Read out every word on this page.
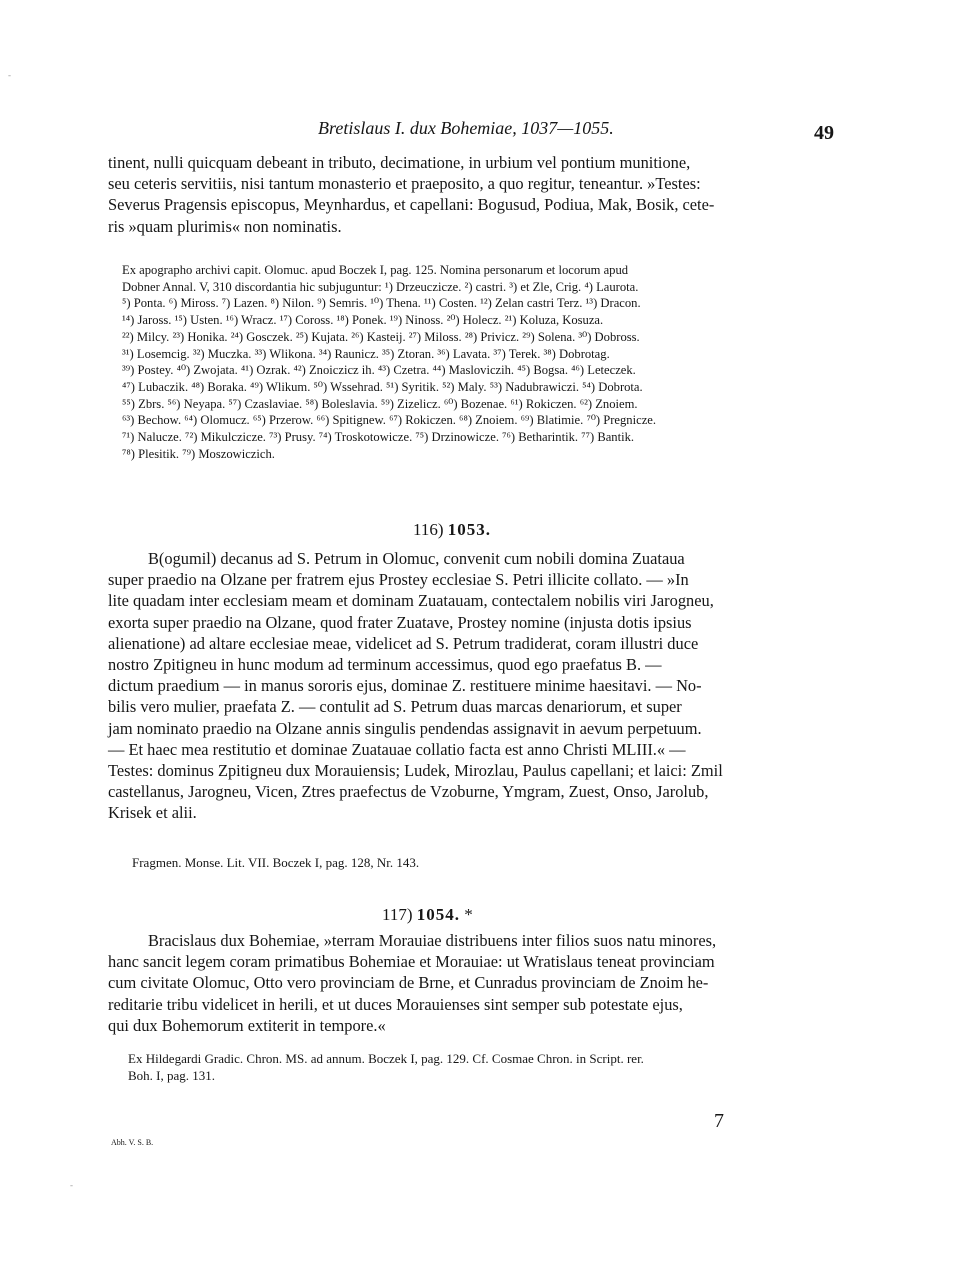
Bretislaus I. dux Bohemiae, 1037—1055.	49
-
-
tinent, nulli quicquam debeant in tributo, decimatione, in urbium vel pontium munitione,
seu ceteris servitiis, nisi tantum monasterio et praeposito, a quo regitur, teneantur. »Testes:
Severus Pragensis episcopus, Meynhardus, et capellani: Bogusud, Podiua, Mak, Bosik, cete-
ris »quam plurimis« non nominatis.
Ex apographo archivi capit. Olomuc. apud Boczek I, pag. 125. Nomina personarum et locorum apud
Dobner Annal. V, 310 discordantia hic subjuguntur: ¹) Drzeuczicze. ²) castri. ³) et Zle, Crig. ⁴) Laurota.
⁵) Ponta. ⁶) Miross. ⁷) Lazen. ⁸) Nilon. ⁹) Semris. ¹⁰) Thena. ¹¹) Costen. ¹²) Zelan castri Terz. ¹³) Dracon.
¹⁴) Jaross. ¹⁵) Usten. ¹⁶) Wracz. ¹⁷) Coross. ¹⁸) Ponek. ¹⁹) Ninoss. ²⁰) Holecz. ²¹) Koluza, Kosuza.
²²) Milcy. ²³) Honika. ²⁴) Gosczek. ²⁵) Kujata. ²⁶) Kasteij. ²⁷) Miloss. ²⁸) Privicz. ²⁹) Solena. ³⁰) Dobross.
³¹) Losemcig. ³²) Muczka. ³³) Wlikona. ³⁴) Raunicz. ³⁵) Ztoran. ³⁶) Lavata. ³⁷) Terek. ³⁸) Dobrotag.
³⁹) Postey. ⁴⁰) Zwojata. ⁴¹) Ozrak. ⁴²) Znoiczicz ih. ⁴³) Czetra. ⁴⁴) Masloviczih. ⁴⁵) Bogsa. ⁴⁶) Leteczek.
⁴⁷) Lubaczik. ⁴⁸) Boraka. ⁴⁹) Wlikum. ⁵⁰) Wssehrad. ⁵¹) Syritik. ⁵²) Maly. ⁵³) Nadubrawiczi. ⁵⁴) Dobrota.
⁵⁵) Zbrs. ⁵⁶) Neyapa. ⁵⁷) Czaslaviae. ⁵⁸) Boleslavia. ⁵⁹) Zizelicz. ⁶⁰) Bozenae. ⁶¹) Rokiczen. ⁶²) Znoiem.
⁶³) Bechow. ⁶⁴) Olomucz. ⁶⁵) Przerow. ⁶⁶) Spitignew. ⁶⁷) Rokiczen. ⁶⁸) Znoiem. ⁶⁹) Blatimie. ⁷⁰) Pregnicze.
⁷¹) Nalucze. ⁷²) Mikulczicze. ⁷³) Prusy. ⁷⁴) Troskotowicze. ⁷⁵) Drzinowicze. ⁷⁶) Betharintik. ⁷⁷) Bantik.
⁷⁸) Plesitik. ⁷⁹) Moszowiczich.
116) 1053.
B(ogumil) decanus ad S. Petrum in Olomuc, convenit cum nobili domina Zuataua
super praedio na Olzane per fratrem ejus Prostey ecclesiae S. Petri illicite collato. — »In
lite quadam inter ecclesiam meam et dominam Zuatauam, contectalem nobilis viri Jarogneu,
exorta super praedio na Olzane, quod frater Zuatave, Prostey nomine (injusta dotis ipsius
alienatione) ad altare ecclesiae meae, videlicet ad S. Petrum tradiderat, coram illustri duce
nostro Zpitigneu in hunc modum ad terminum accessimus, quod ego praefatus B. —
dictum praedium — in manus sororis ejus, dominae Z. restituere minime haesitavi. — No-
bilis vero mulier, praefata Z. — contulit ad S. Petrum duas marcas denariorum, et super
jam nominato praedio na Olzane annis singulis pendendas assignavit in aevum perpetuum.
— Et haec mea restitutio et dominae Zuatauae collatio facta est anno Christi MLIII.« —
Testes: dominus Zpitigneu dux Morauiensis; Ludek, Mirozlau, Paulus capellani; et laici: Zmil
castellanus, Jarogneu, Vicen, Ztres praefectus de Vzoburne, Ymgram, Zuest, Onso, Jarolub,
Krisek et alii.
Fragmen. Monse. Lit. VII. Boczek I, pag. 128, Nr. 143.
117) 1054. *
Bracislaus dux Bohemiae, »terram Morauiae distribuens inter filios suos natu minores,
hanc sancit legem coram primatibus Bohemiae et Morauiae: ut Wratislaus teneat provinciam
cum civitate Olomuc, Otto vero provinciam de Brne, et Cunradus provinciam de Znoim he-
reditarie tribu videlicet in herili, et ut duces Morauienses sint semper sub potestate ejus,
qui dux Bohemorum extiterit in tempore.«
Ex Hildegardi Gradic. Chron. MS. ad annum. Boczek I, pag. 129. Cf. Cosmae Chron. in Script. rer.
Boh. I, pag. 131.
Abh. V. S. B.
7
